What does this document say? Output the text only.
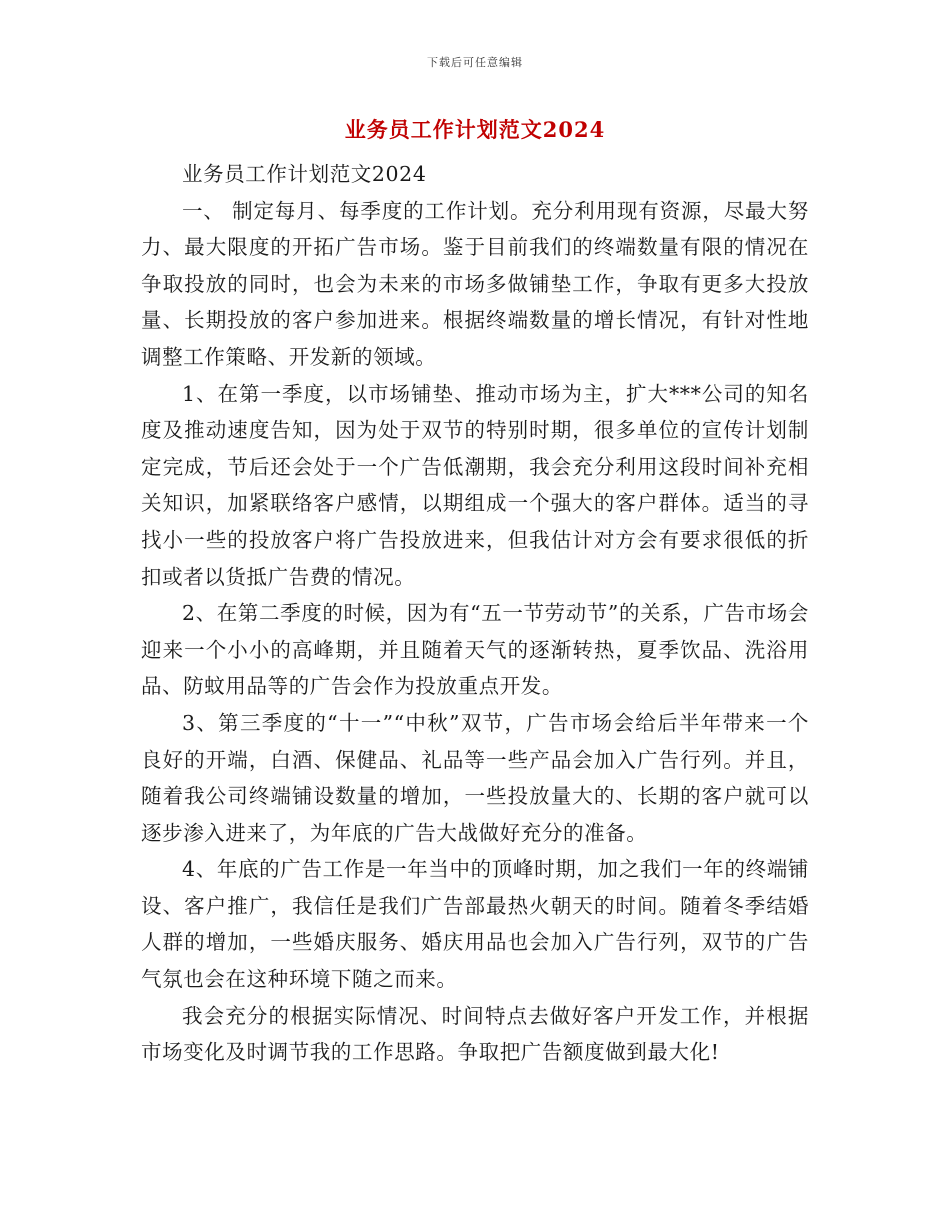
下载后可任意编辑
业务员工作计划范文2024

业务员工作计划范文2024

一、 制定每月、每季度的工作计划。充分利用现有资源，尽最大努力、最大限度的开拓广告市场。鉴于目前我们的终端数量有限的情况在争取投放的同时，也会为未来的市场多做铺垫工作，争取有更多大投放量、长期投放的客户参加进来。根据终端数量的增长情况，有针对性地调整工作策略、开发新的领域。

1、在第一季度，以市场铺垫、推动市场为主，扩大***公司的知名度及推动速度告知，因为处于双节的特别时期，很多单位的宣传计划制定完成，节后还会处于一个广告低潮期，我会充分利用这段时间补充相关知识，加紧联络客户感情，以期组成一个强大的客户群体。适当的寻找小一些的投放客户将广告投放进来，但我估计对方会有要求很低的折扣或者以货抵广告费的情况。

2、在第二季度的时候，因为有“五一节劳动节”的关系，广告市场会迎来一个小小的高峰期，并且随着天气的逐渐转热，夏季饮品、洗浴用品、防蚊用品等的广告会作为投放重点开发。

3、第三季度的“十一”“中秋”双节，广告市场会给后半年带来一个良好的开端，白酒、保健品、礼品等一些产品会加入广告行列。并且，随着我公司终端铺设数量的增加，一些投放量大的、长期的客户就可以逐步渗入进来了，为年底的广告大战做好充分的准备。

4、年底的广告工作是一年当中的顶峰时期，加之我们一年的终端铺设、客户推广，我信任是我们广告部最热火朝天的时间。随着冬季结婚人群的增加，一些婚庆服务、婚庆用品也会加入广告行列，双节的广告气氛也会在这种环境下随之而来。

我会充分的根据实际情况、时间特点去做好客户开发工作，并根据市场变化及时调节我的工作思路。争取把广告额度做到最大化!
